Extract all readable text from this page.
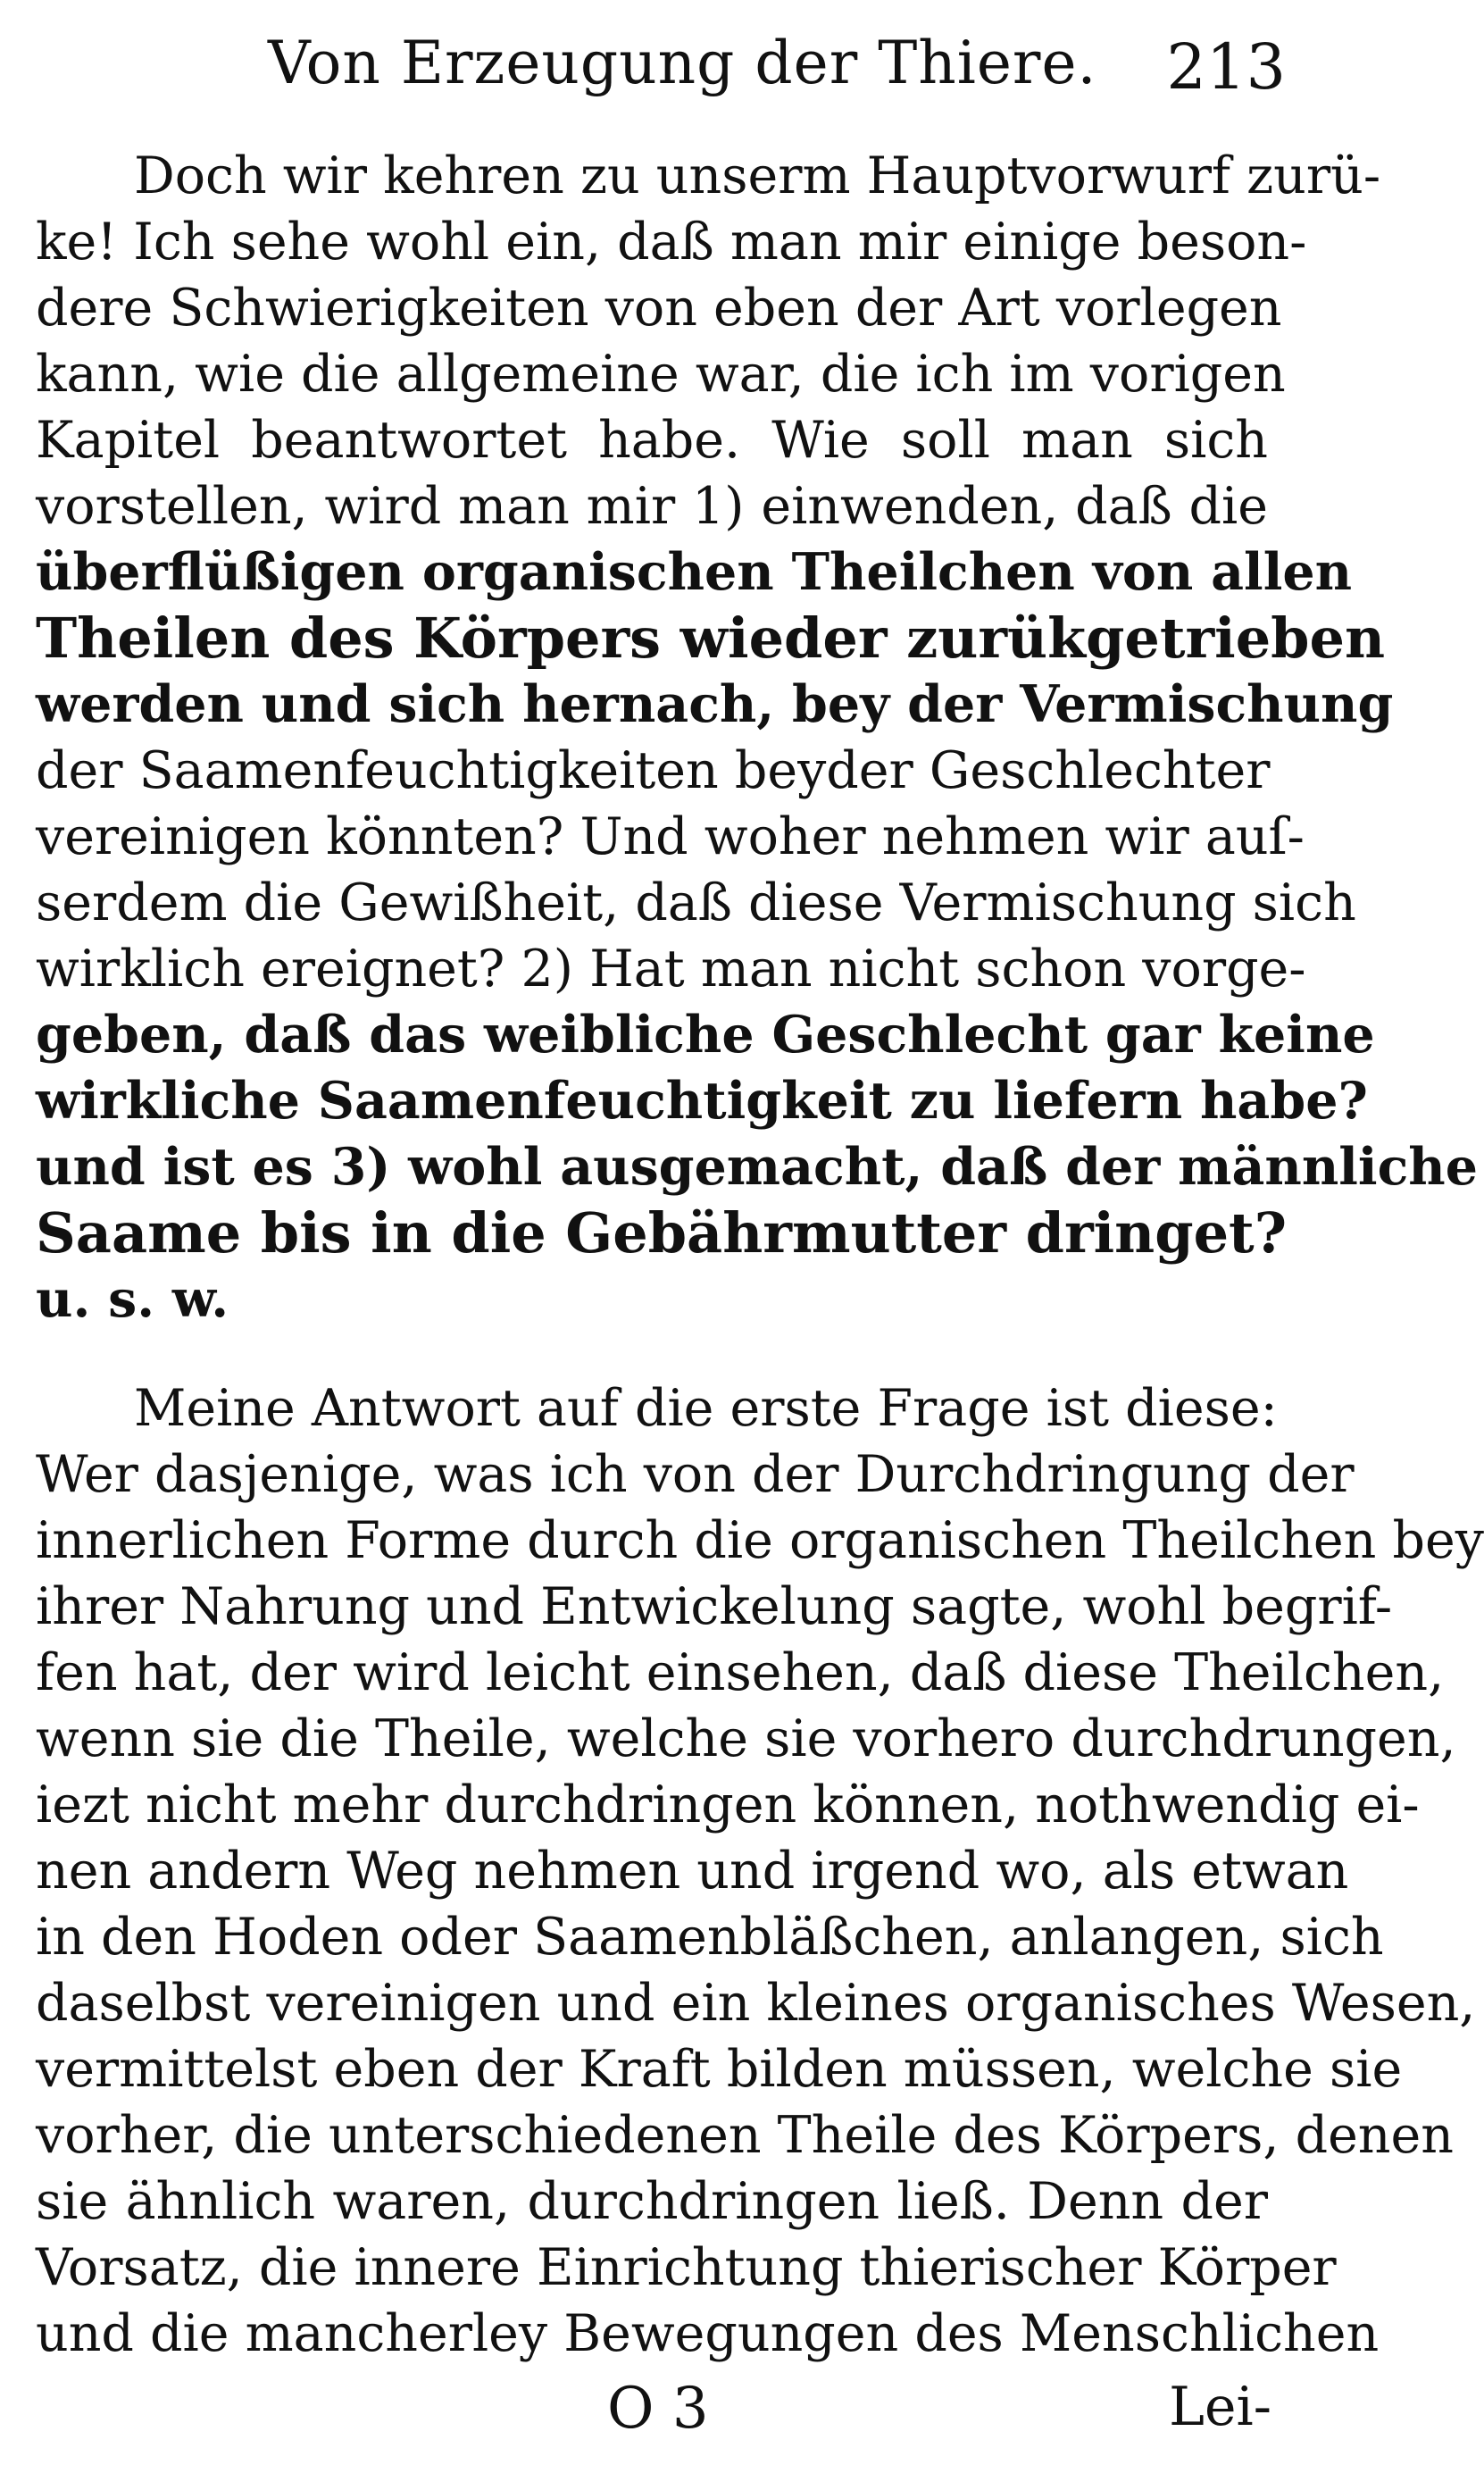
Von Erzeugung der Thiere. 213
Doch wir kehren zu unserm Hauptvorwurf zurü-
ke! Ich sehe wohl ein, daß man mir einige beson-
dere Schwierigkeiten von eben der Art vorlegen
kann, wie die allgemeine war, die ich im vorigen
Kapitel beantwortet habe. Wie soll man sich
vorstellen, wird man mir 1) einwenden, daß die
überflüßigen organischen Theilchen von allen
Theilen des Körpers wieder zurükgetrieben
werden und sich hernach, bey der Vermischung
der Saamenfeuchtigkeiten beyder Geschlechter
vereinigen könnten? Und woher nehmen wir auſ-
serdem die Gewißheit, daß diese Vermischung sich
wirklich ereignet? 2) Hat man nicht schon vorge-
geben, daß das weibliche Geschlecht gar keine
wirkliche Saamenfeuchtigkeit zu liefern habe?
und ist es 3) wohl ausgemacht, daß der männliche
Saame bis in die Gebährmutter dringet?
u. s. w.
Meine Antwort auf die erste Frage ist diese:
Wer dasjenige, was ich von der Durchdringung der
innerlichen Forme durch die organischen Theilchen bey
ihrer Nahrung und Entwickelung sagte, wohl begrif-
fen hat, der wird leicht einsehen, daß diese Theilchen,
wenn sie die Theile, welche sie vorhero durchdrungen,
iezt nicht mehr durchdringen können, nothwendig ei-
nen andern Weg nehmen und irgend wo, als etwan
in den Hoden oder Saamenbläßchen, anlangen, sich
daselbst vereinigen und ein kleines organisches Wesen,
vermittelst eben der Kraft bilden müssen, welche sie
vorher, die unterschiedenen Theile des Körpers, denen
sie ähnlich waren, durchdringen ließ. Denn der
Vorsatz, die innere Einrichtung thierischer Körper
und die mancherley Bewegungen des Menschlichen
O 3	Lei-
